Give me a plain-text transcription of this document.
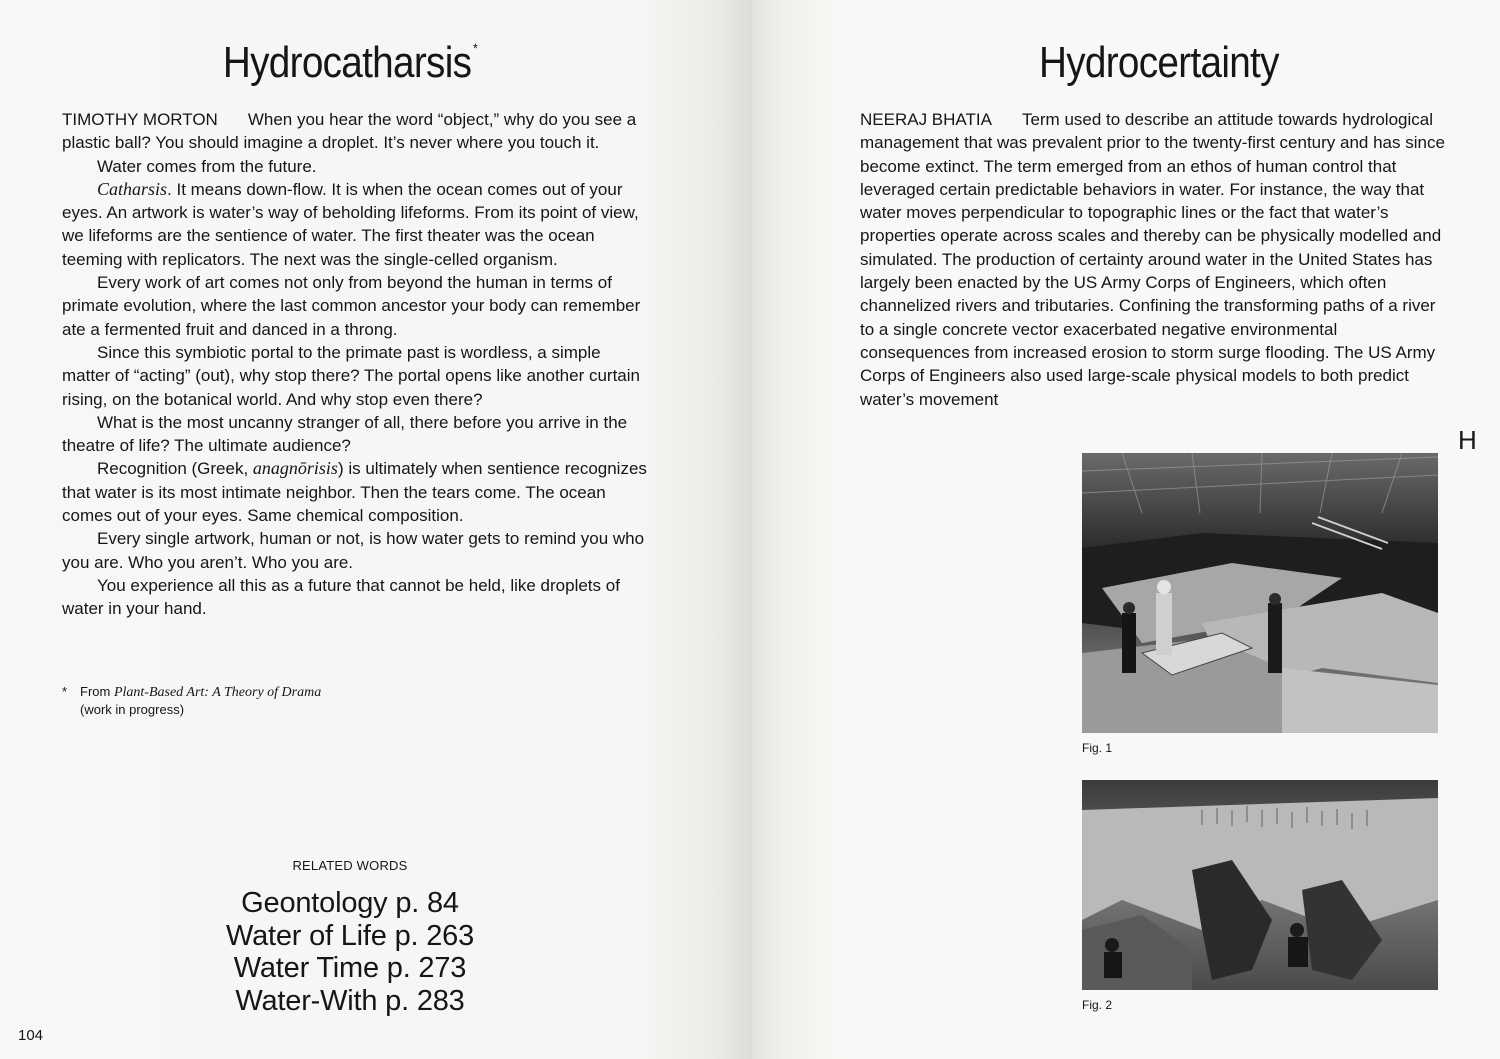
Hydrocatharsis *

TIMOTHY MORTON When you hear the word “object,” why do you see a plastic ball? You should imagine a droplet. It’s never where you touch it.

Water comes from the future.

Catharsis. It means down-flow. It is when the ocean comes out of your eyes. An artwork is water’s way of beholding lifeforms. From its point of view, we lifeforms are the sentience of water. The first theater was the ocean teeming with replicators. The next was the single-celled organism.

Every work of art comes not only from beyond the human in terms of primate evolution, where the last common ancestor your body can remember ate a fermented fruit and danced in a throng.

Since this symbiotic portal to the primate past is wordless, a simple matter of “acting” (out), why stop there? The portal opens like another curtain rising, on the botanical world. And why stop even there?

What is the most uncanny stranger of all, there before you arrive in the theatre of life? The ultimate audience?

Recognition (Greek, anagnōrisis) is ultimately when sentience recognizes that water is its most intimate neighbor. Then the tears come. The ocean comes out of your eyes. Same chemical composition.

Every single artwork, human or not, is how water gets to remind you who you are. Who you aren’t. Who you are.

You experience all this as a future that cannot be held, like droplets of water in your hand.

* From Plant-Based Art: A Theory of Drama
(work in progress)
RELATED WORDS
Geontology p. 84
Water of Life p. 263
Water Time p. 273
Water-With p. 283
104
Hydrocertainty

NEERAJ BHATIA Term used to describe an attitude towards hydrological management that was prevalent prior to the twenty-first century and has since become extinct. The term emerged from an ethos of human control that leveraged certain predictable behaviors in water. For instance, the way that water moves perpendicular to topographic lines or the fact that water’s properties operate across scales and thereby can be physically modelled and simulated. The production of certainty around water in the United States has largely been enacted by the US Army Corps of Engineers, which often channelized rivers and tributaries. Confining the transforming paths of a river to a single concrete vector exacerbated negative environmental consequences from increased erosion to storm surge flooding. The US Army Corps of Engineers also used large-scale physical models to both predict water’s movement

H
Fig. 1
Fig. 2
